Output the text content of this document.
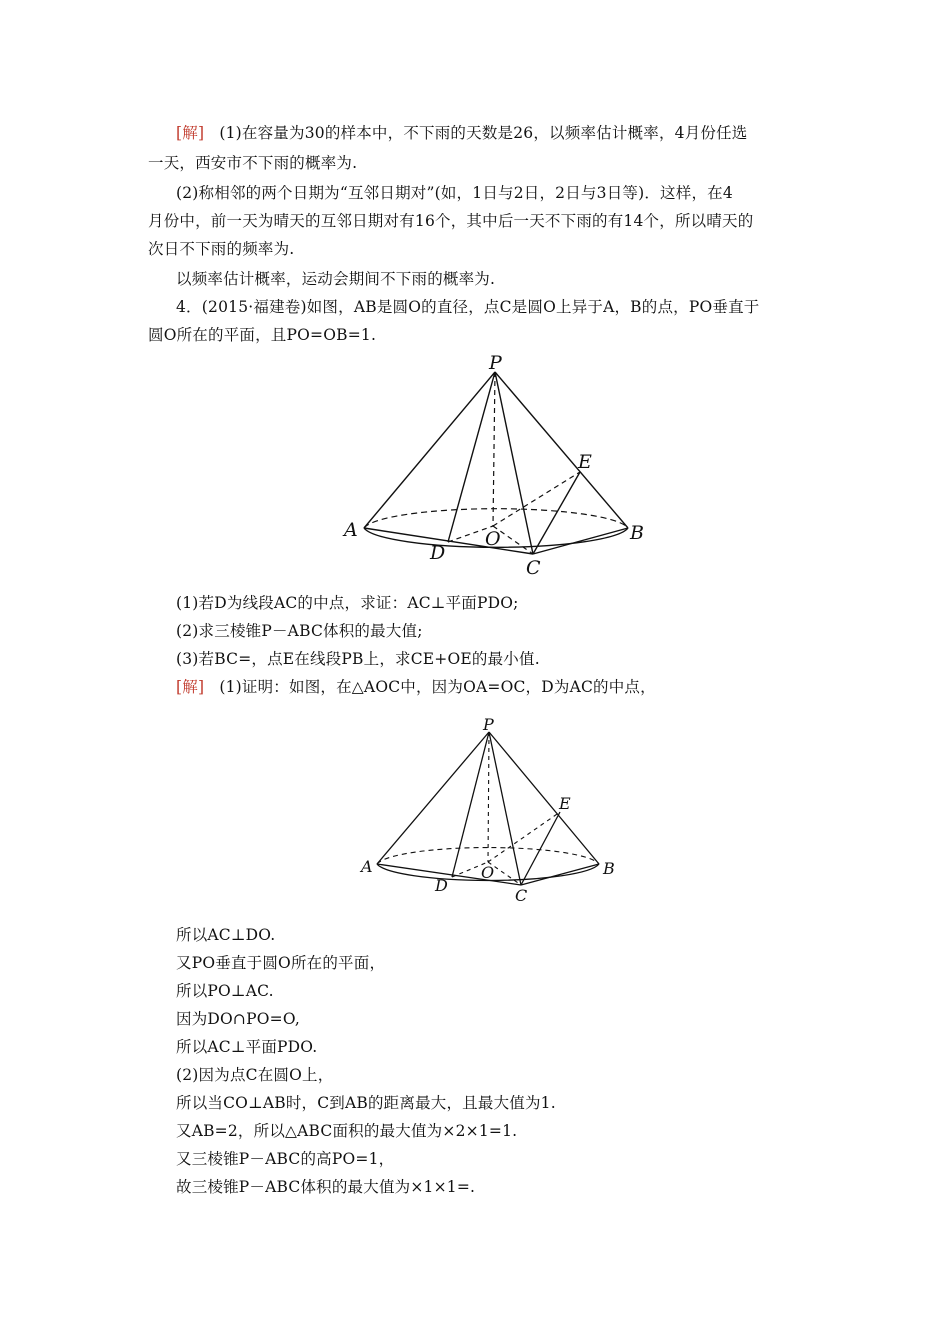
[解] (1)在容量为30的样本中，不下雨的天数是26，以频率估计概率，4月份任选
一天，西安市不下雨的概率为.
(2)称相邻的两个日期为“互邻日期对”(如，1日与2日，2日与3日等)．这样，在4
月份中，前一天为晴天的互邻日期对有16个，其中后一天不下雨的有14个，所以晴天的
次日不下雨的频率为.
以频率估计概率，运动会期间不下雨的概率为.
4．(2015·福建卷)如图，AB是圆O的直径，点C是圆O上异于A，B的点，PO垂直于
圆O所在的平面，且PO=OB=1.
P
E
A	B
O
D
C
(1)若D为线段AC的中点，求证：AC⊥平面PDO;
(2)求三棱锥P－ABC体积的最大值;
(3)若BC=，点E在线段PB上，求CE+OE的最小值.
[解] (1)证明：如图，在△AOC中，因为OA=OC，D为AC的中点，
P
E
A	B
O
D
C
所以AC⊥DO.
又PO垂直于圆O所在的平面，
所以PO⊥AC.
因为DO∩PO=O,
所以AC⊥平面PDO.
(2)因为点C在圆O上，
所以当CO⊥AB时，C到AB的距离最大，且最大值为1.
又AB=2，所以△ABC面积的最大值为×2×1=1.
又三棱锥P－ABC的高PO=1，
故三棱锥P－ABC体积的最大值为×1×1=.
